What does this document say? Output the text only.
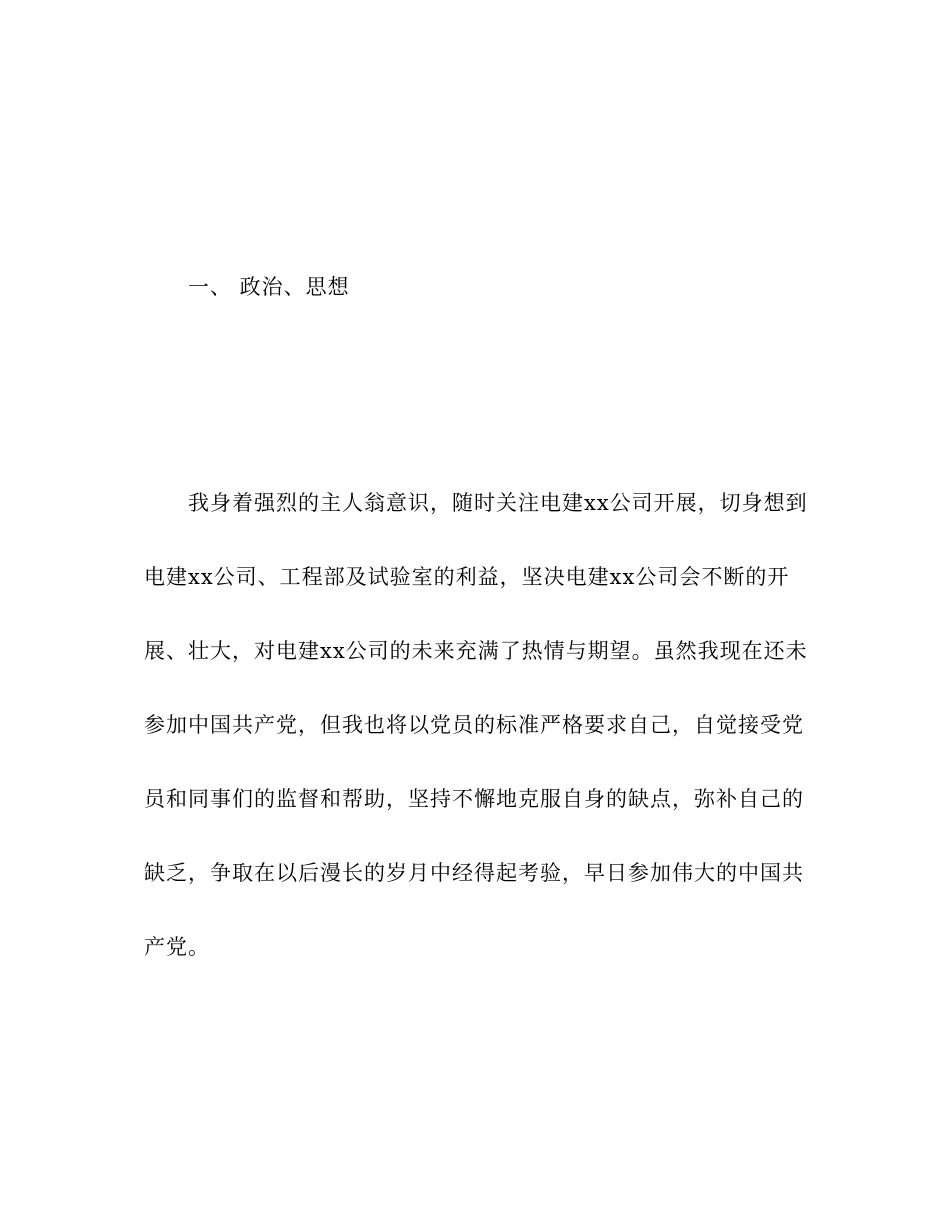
一、 政治、思想
我身着强烈的主人翁意识，随时关注电建xx公司开展，切身想到
电建xx公司、工程部及试验室的利益，坚决电建xx公司会不断的开
展、壮大，对电建xx公司的未来充满了热情与期望。虽然我现在还未
参加中国共产党，但我也将以党员的标准严格要求自己，自觉接受党
员和同事们的监督和帮助，坚持不懈地克服自身的缺点，弥补自己的
缺乏，争取在以后漫长的岁月中经得起考验，早日参加伟大的中国共
产党。
